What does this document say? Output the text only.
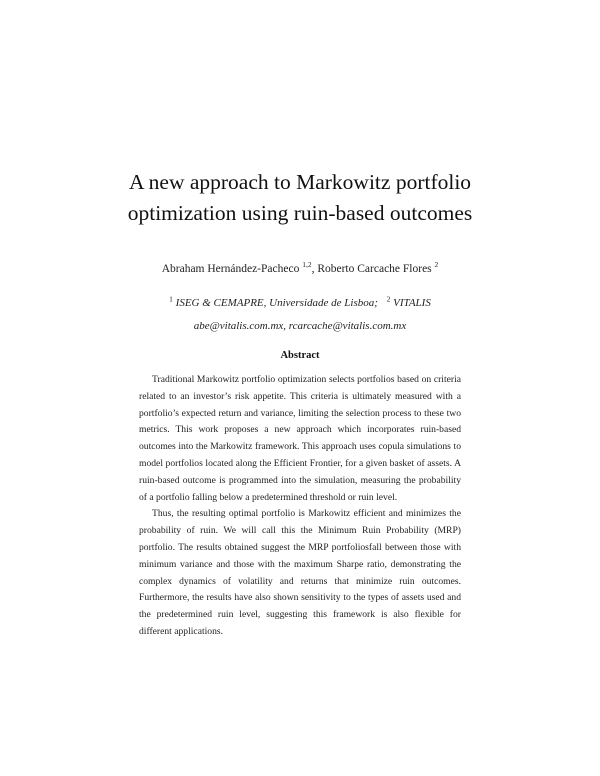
A new approach to Markowitz portfolio
optimization using ruin-based outcomes
Abraham Hernández-Pacheco $^{1,2}$, Roberto Carcache Flores $^2$
$^1$ ISEG & CEMAPRE, Universidade de Lisboa; $^2$ VITALIS
abe@vitalis.com.mx, rcarcache@vitalis.com.mx
Abstract

Traditional Markowitz portfolio optimization selects portfolios based on criteria related to an investor’s risk appetite. This criteria is ultimately measured with a portfolio’s expected return and variance, limiting the selection process to these two metrics. This work proposes a new approach which incorporates ruin-based outcomes into the Markowitz framework. This approach uses copula simulations to model portfolios located along the Efficient Frontier, for a given basket of assets. A ruin-based outcome is programmed into the simulation, measuring the probability of a portfolio falling below a predetermined threshold or ruin level.

Thus, the resulting optimal portfolio is Markowitz efficient and minimizes the probability of ruin. We will call this the Minimum Ruin Probability (MRP) portfolio. The results obtained suggest the MRP portfoliosfall between those with minimum variance and those with the maximum Sharpe ratio, demonstrating the complex dynamics of volatility and returns that minimize ruin outcomes. Furthermore, the results have also shown sensitivity to the types of assets used and the predetermined ruin level, suggesting this framework is also flexible for different applications.
